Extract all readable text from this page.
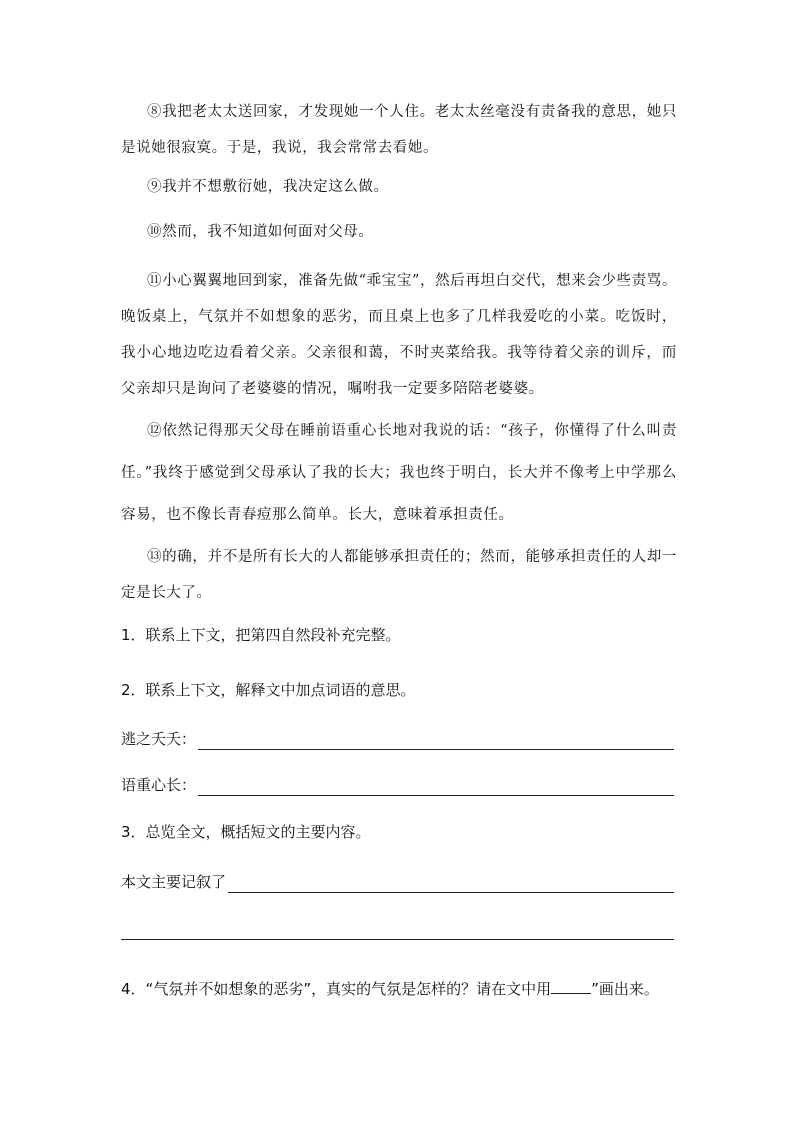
⑧我把老太太送回家，才发现她一个人住。老太太丝毫没有责备我的意思，她只是说她很寂寞。于是，我说，我会常常去看她。
⑨我并不想敷衍她，我决定这么做。
⑩然而，我不知道如何面对父母。
⑪小心翼翼地回到家，准备先做“乖宝宝”，然后再坦白交代，想来会少些责骂。晚饭桌上，气氛并不如想象的恶劣，而且桌上也多了几样我爱吃的小菜。吃饭时，我小心地边吃边看着父亲。父亲很和蔼，不时夹菜给我。我等待着父亲的训斥，而父亲却只是询问了老婆婆的情况，嘱咐我一定要多陪陪老婆婆。
⑫依然记得那天父母在睡前语重心长地对我说的话：“孩子，你懂得了什么叫责任。”我终于感觉到父母承认了我的长大；我也终于明白，长大并不像考上中学那么容易，也不像长青春痘那么简单。长大，意味着承担责任。
⑬的确，并不是所有长大的人都能够承担责任的；然而，能够承担责任的人却一定是长大了。
1．联系上下文，把第四自然段补充完整。
2．联系上下文，解释文中加点词语的意思。
逃之夭夭：
语重心长：
3．总览全文，概括短文的主要内容。
本文主要记叙了
4．“气氛并不如想象的恶劣”，真实的气氛是怎样的？请在文中用	”画出来。
